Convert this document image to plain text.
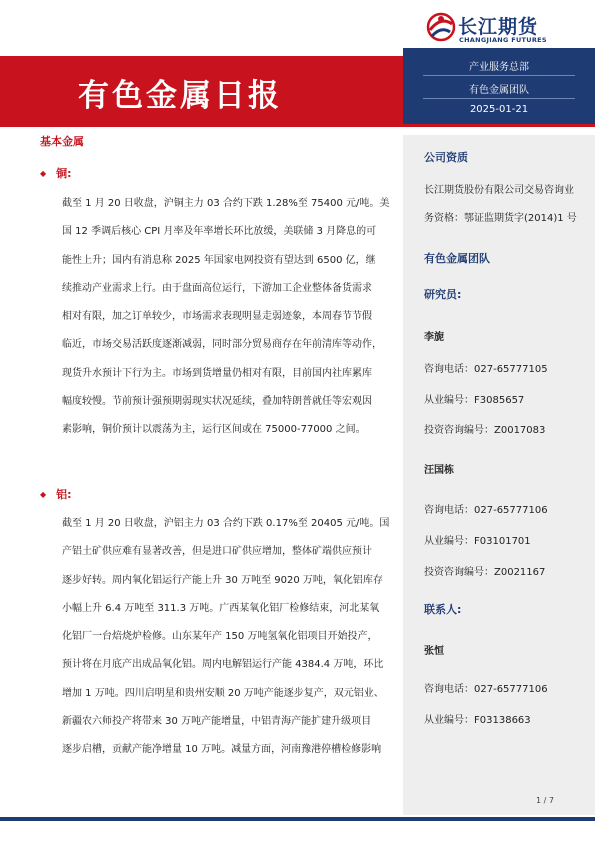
长江期货
CHANGJIANG FUTURES
有色金属日报
产业服务总部
有色金属团队
2025-01-21
基本金属
◆ 铜:
截至 1 月 20 日收盘，沪铜主力 03 合约下跌 1.28%至 75400 元/吨。美
国 12 季调后核心 CPI 月率及年率增长环比放缓，美联储 3 月降息的可
能性上升；国内有消息称 2025 年国家电网投资有望达到 6500 亿，继
续推动产业需求上行。由于盘面高位运行，下游加工企业整体备货需求
相对有限，加之订单较少，市场需求表现明显走弱迹象，本周春节节假
临近，市场交易活跃度逐渐减弱，同时部分贸易商存在年前清库等动作，
现货升水预计下行为主。市场到货增量仍相对有限，目前国内社库累库
幅度较慢。节前预计强预期弱现实状况延续，叠加特朗普就任等宏观因
素影响，铜价预计以震荡为主，运行区间或在 75000-77000 之间。
◆ 铝:
截至 1 月 20 日收盘，沪铝主力 03 合约下跌 0.17%至 20405 元/吨。国
产铝土矿供应难有显著改善，但是进口矿供应增加，整体矿端供应预计
逐步好转。周内氧化铝运行产能上升 30 万吨至 9020 万吨，氧化铝库存
小幅上升 6.4 万吨至 311.3 万吨。广西某氧化铝厂检修结束，河北某氧
化铝厂一台焙烧炉检修。山东某年产 150 万吨氢氧化铝项目开始投产，
预计将在月底产出成品氧化铝。周内电解铝运行产能 4384.4 万吨，环比
增加 1 万吨。四川启明星和贵州安顺 20 万吨产能逐步复产，双元铝业、
新疆农六师投产将带来 30 万吨产能增量，中铝青海产能扩建升级项目
逐步启槽，贡献产能净增量 10 万吨。减量方面，河南豫港停槽检修影响
公司资质
长江期货股份有限公司交易咨询业
务资格：鄂证监期货字(2014)1 号
有色金属团队
研究员:
李旎
咨询电话：027-65777105
从业编号：F3085657
投资咨询编号：Z0017083
汪国栋
咨询电话：027-65777106
从业编号：F03101701
投资咨询编号：Z0021167
联系人:
张恒
咨询电话：027-65777106
从业编号：F03138663
1 / 7
